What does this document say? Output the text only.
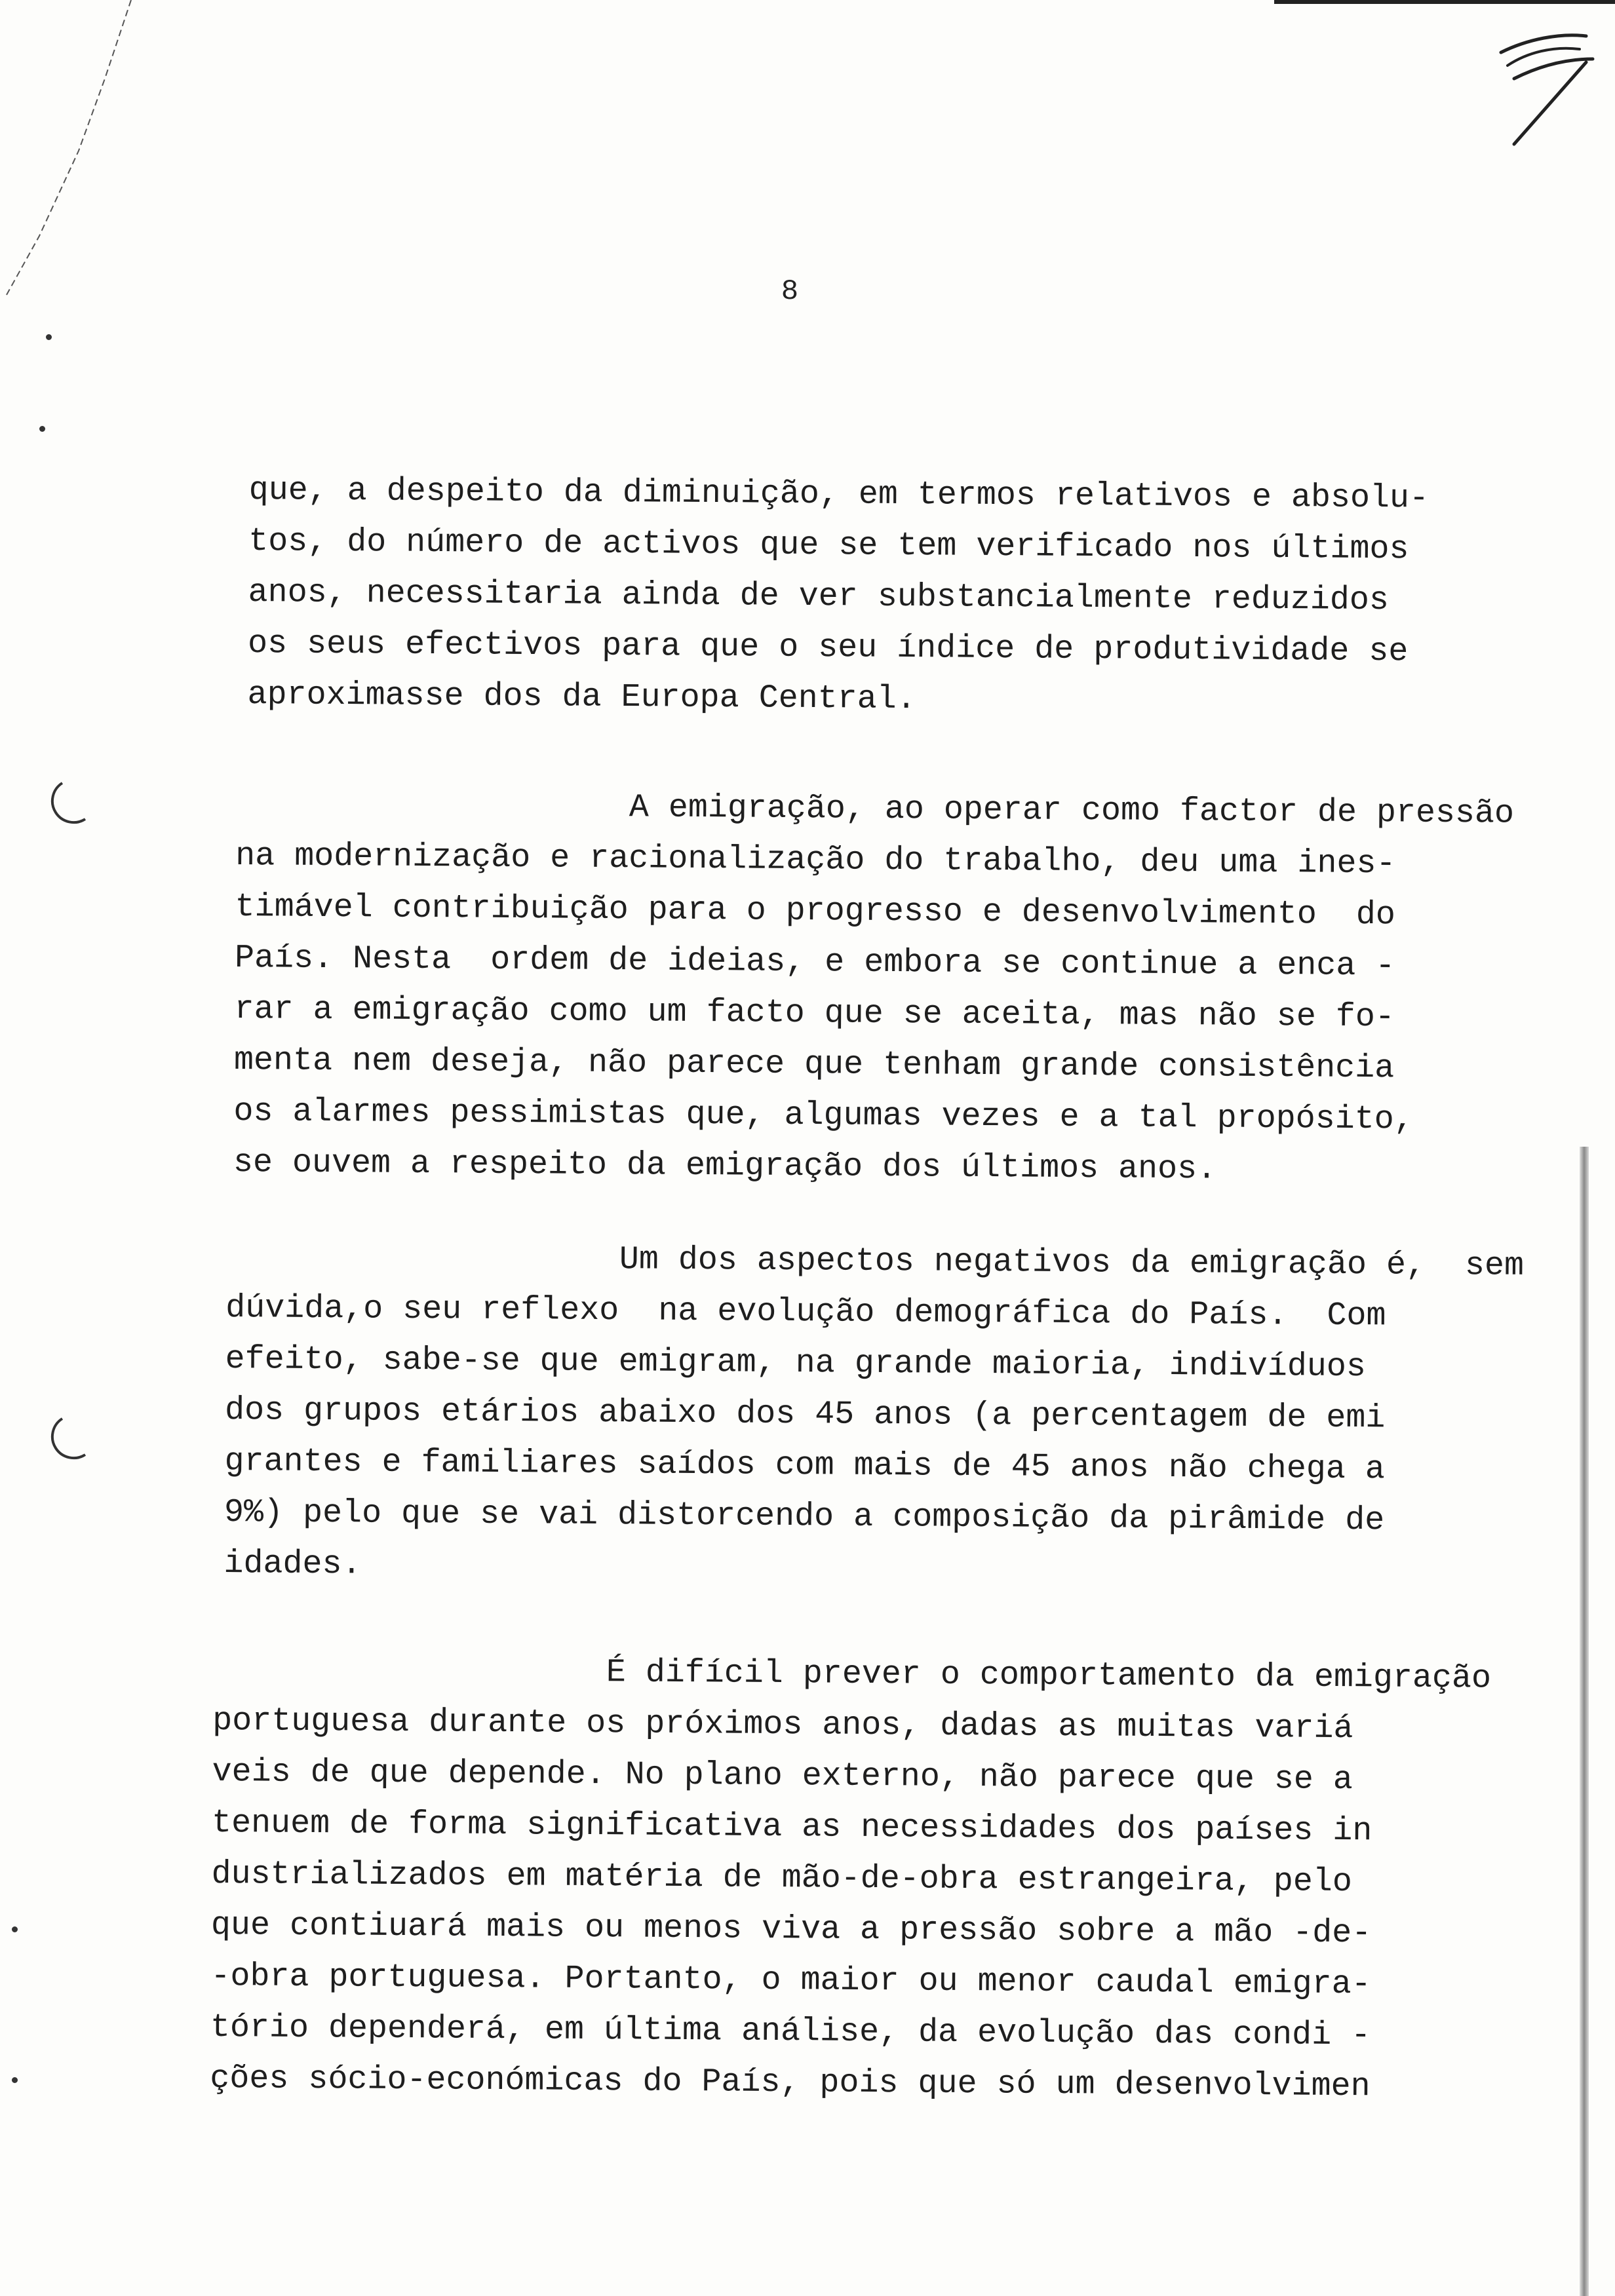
8
que, a despeito da diminuição, em termos relativos e absolu-
tos, do número de activos que se tem verificado nos últimos
anos, necessitaria ainda de ver substancialmente reduzidos
os seus efectivos para que o seu índice de produtividade se
aproximasse dos da Europa Central.
A emigração, ao operar como factor de pressão
na modernização e racionalização do trabalho, deu uma ines-
timável contribuição para o progresso e desenvolvimento  do
País. Nesta  ordem de ideias, e embora se continue a enca -
rar a emigração como um facto que se aceita, mas não se fo-
menta nem deseja, não parece que tenham grande consistência
os alarmes pessimistas que, algumas vezes e a tal propósito,
se ouvem a respeito da emigração dos últimos anos.
Um dos aspectos negativos da emigração é,  sem
dúvida,o seu reflexo  na evolução demográfica do País.  Com
efeito, sabe-se que emigram, na grande maioria, indivíduos
dos grupos etários abaixo dos 45 anos (a percentagem de emi
grantes e familiares saídos com mais de 45 anos não chega a
9%) pelo que se vai distorcendo a composição da pirâmide de
idades.
É difícil prever o comportamento da emigração
portuguesa durante os próximos anos, dadas as muitas variá
veis de que depende. No plano externo, não parece que se a
tenuem de forma significativa as necessidades dos países in
dustrializados em matéria de mão-de-obra estrangeira, pelo
que contiuará mais ou menos viva a pressão sobre a mão -de-
-obra portuguesa. Portanto, o maior ou menor caudal emigra-
tório dependerá, em última análise, da evolução das condi -
ções sócio-económicas do País, pois que só um desenvolvimen
